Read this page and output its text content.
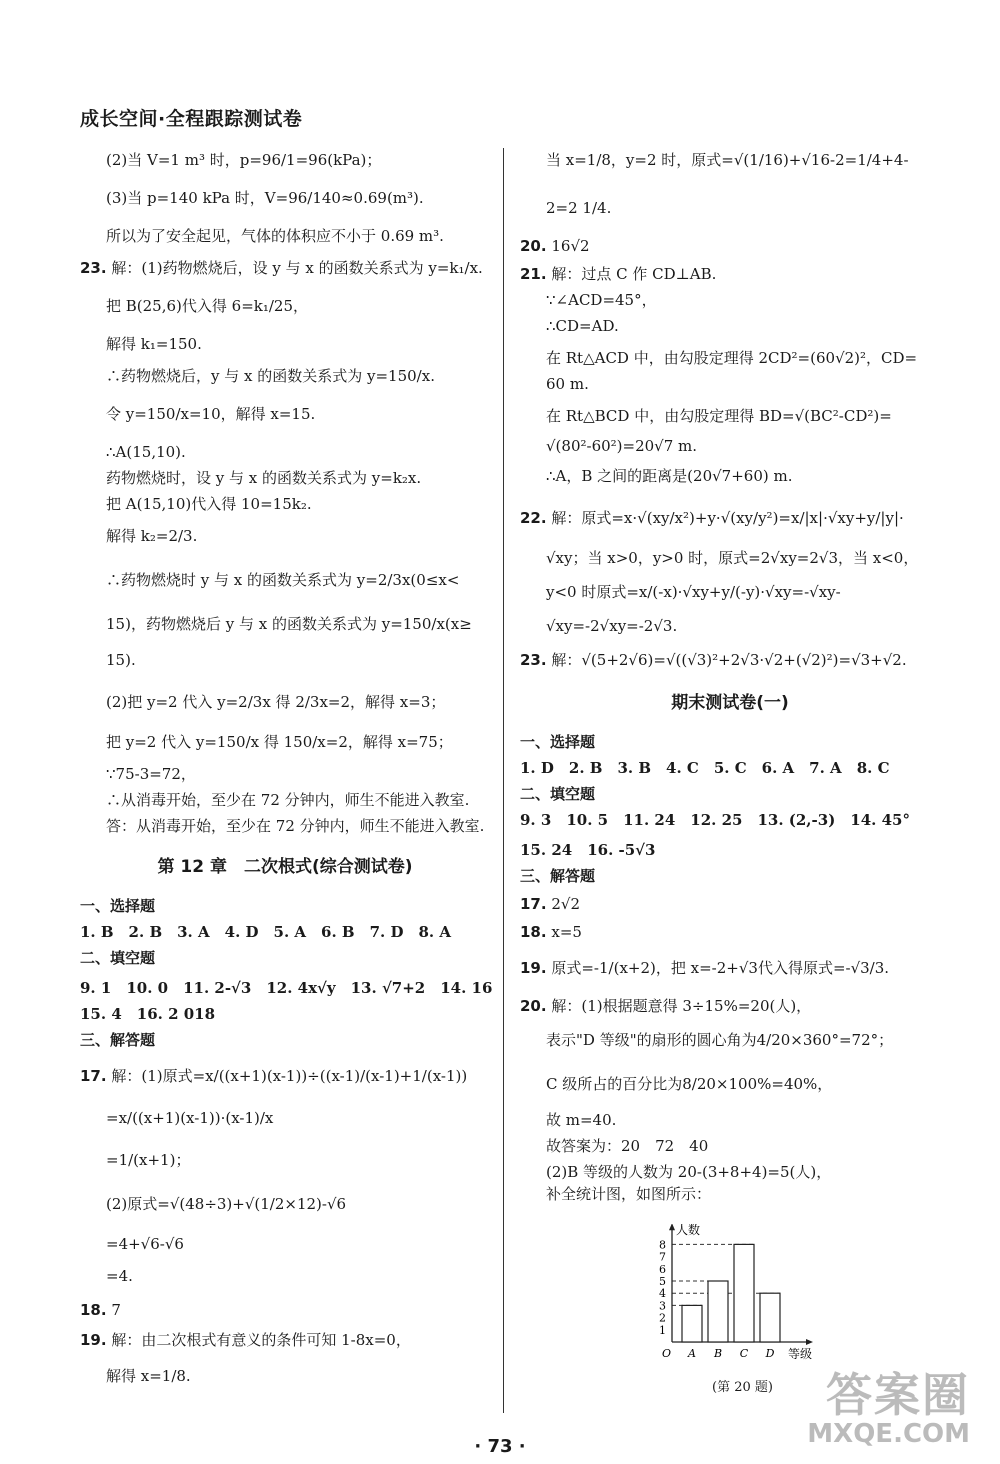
成长空间·全程跟踪测试卷
(2)当 V=1 m³ 时，p=96/1=96(kPa)；
(3)当 p=140 kPa 时，V=96/140≈0.69(m³).
所以为了安全起见，气体的体积应不小于 0.69 m³.
23. 解：(1)药物燃烧后，设 y 与 x 的函数关系式为 y=k₁/x.
把 B(25,6)代入得 6=k₁/25，
解得 k₁=150.
∴药物燃烧后，y 与 x 的函数关系式为 y=150/x.
令 y=150/x=10，解得 x=15.
∴A(15,10).
药物燃烧时，设 y 与 x 的函数关系式为 y=k₂x.
把 A(15,10)代入得 10=15k₂.
解得 k₂=2/3.
∴药物燃烧时 y 与 x 的函数关系式为 y=2/3x(0≤x<
15)，药物燃烧后 y 与 x 的函数关系式为 y=150/x(x≥
15).
(2)把 y=2 代入 y=2/3x 得 2/3x=2，解得 x=3；
把 y=2 代入 y=150/x 得 150/x=2，解得 x=75；
∵75-3=72，
∴从消毒开始，至少在 72 分钟内，师生不能进入教室.
答：从消毒开始，至少在 72 分钟内，师生不能进入教室.
第 12 章　二次根式(综合测试卷)
一、选择题
1. B　2. B　3. A　4. D　5. A　6. B　7. D　8. A
二、填空题
9. 1　10. 0　11. 2-√3　12. 4x√y　13. √7+2　14. 16
15. 4　16. 2 018
三、解答题
17. 解：(1)原式=x/((x+1)(x-1))÷((x-1)/(x-1)+1/(x-1))
=x/((x+1)(x-1))·(x-1)/x
=1/(x+1)；
(2)原式=√(48÷3)+√(1/2×12)-√6
=4+√6-√6
=4.
18. 7
19. 解：由二次根式有意义的条件可知 1-8x=0，
解得 x=1/8.
当 x=1/8，y=2 时，原式=√(1/16)+√16-2=1/4+4-
2=2 1/4.
20. 16√2
21. 解：过点 C 作 CD⊥AB.
∵∠ACD=45°，
∴CD=AD.
在 Rt△ACD 中，由勾股定理得 2CD²=(60√2)²，CD=
60 m.
在 Rt△BCD 中，由勾股定理得 BD=√(BC²-CD²)=
√(80²-60²)=20√7 m.
∴A，B 之间的距离是(20√7+60) m.
22. 解：原式=x·√(xy/x²)+y·√(xy/y²)=x/|x|·√xy+y/|y|·
√xy；当 x>0，y>0 时，原式=2√xy=2√3，当 x<0，
y<0 时原式=x/(-x)·√xy+y/(-y)·√xy=-√xy-
√xy=-2√xy=-2√3.
23. 解：√(5+2√6)=√((√3)²+2√3·√2+(√2)²)=√3+√2.
期末测试卷(一)
一、选择题
1. D　2. B　3. B　4. C　5. C　6. A　7. A　8. C
二、填空题
9. 3　10. 5　11. 24　12. 25　13. (2,-3)　14. 45°
15. 24　16. -5√3
三、解答题
17. 2√2
18. x=5
19. 原式=-1/(x+2)，把 x=-2+√3代入得原式=-√3/3.
20. 解：(1)根据题意得 3÷15%=20(人)，
表示"D 等级"的扇形的圆心角为4/20×360°=72°；
C 级所占的百分比为8/20×100%=40%，
故 m=40.
故答案为：20　72　40
(2)B 等级的人数为 20-(3+8+4)=5(人)，
补全统计图，如图所示：
1
2
3
4
5
6
7
8
A B C D
O
人数
等级
(第 20 题)
· 73 ·
答案圈
MXQE.COM
